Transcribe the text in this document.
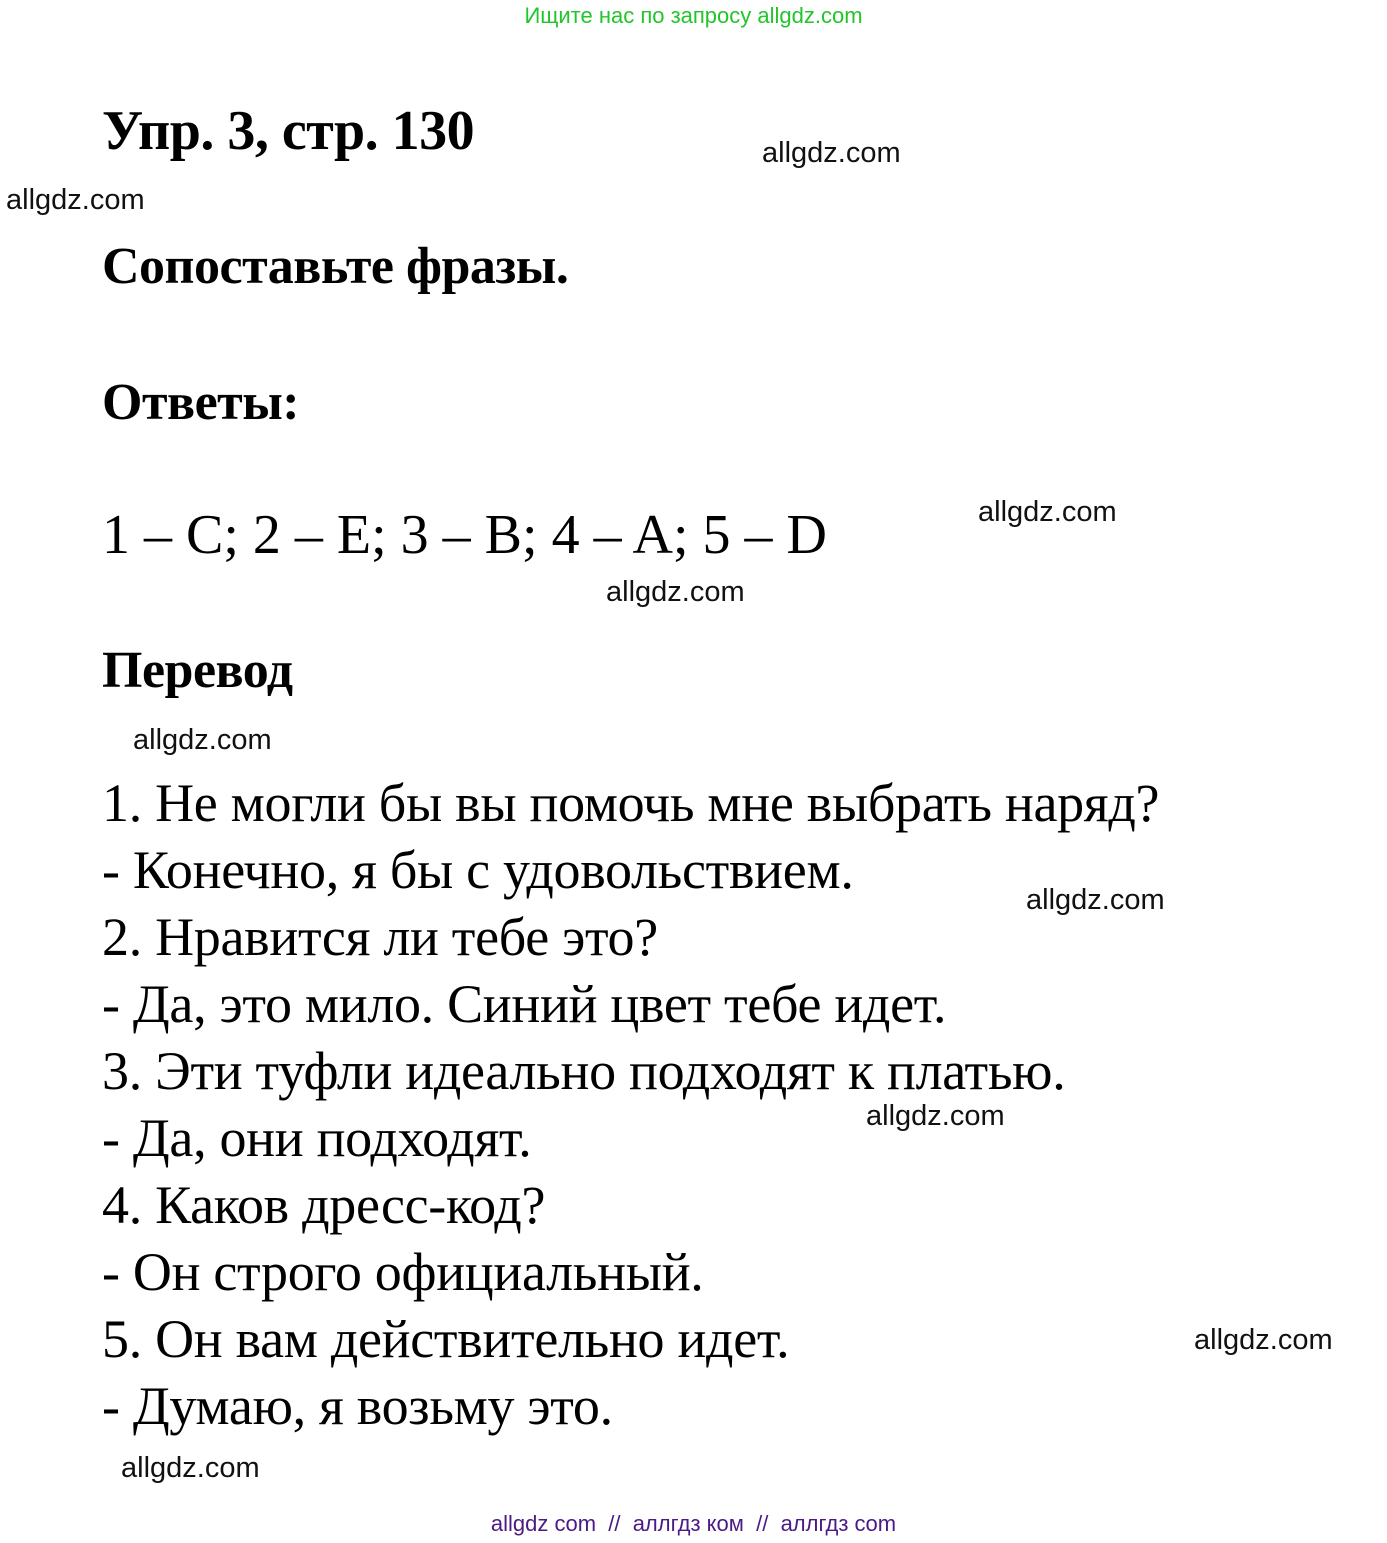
Ищите нас по запросу allgdz.com
Упр. 3, стр. 130
Сопоставьте фразы.
Ответы:
1 – C; 2 – E; 3 – B; 4 – A; 5 – D
Перевод
1. Не могли бы вы помочь мне выбрать наряд?
- Конечно, я бы с удовольствием.
2. Нравится ли тебе это?
- Да, это мило. Синий цвет тебе идет.
3. Эти туфли идеально подходят к платью.
- Да, они подходят.
4. Каков дресс-код?
- Он строго официальный.
5. Он вам действительно идет.
- Думаю, я возьму это.
allgdz.com
allgdz.com
allgdz.com
allgdz.com
allgdz.com
allgdz.com
allgdz.com
allgdz.com
allgdz.com
allgdz com  //  аллгдз ком  //  аллгдз com
